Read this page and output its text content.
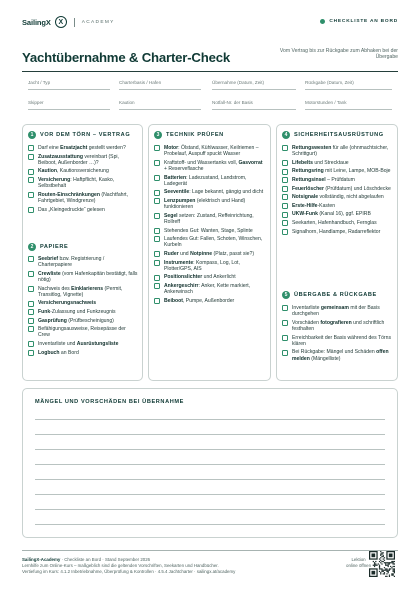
SailingX	X	ACADEMY	CHECKLISTE AN BORD
Yachtübernahme & Charter-Check	Vom Vertrag bis zur Rückgabe zum Abhaken bei der Übergabe
Jacht / Typ	Charterbasis / Hafen	Übernahme (Datum, Zeit)	Rückgabe (Datum, Zeit)
Skipper	Kaution	Notfall-Nr. der Basis	Motorstunden / Tank
1	VOR DEM TÖRN – VERTRAG
2	PAPIERE
3	TECHNIK PRÜFEN	4	SICHERHEITSAUSRÜSTUNG
5	ÜBERGABE & RÜCKGABE
Darf eine Ersatzjacht gestellt werden?
Zusatzausstattung vereinbart (Spi, Beiboot, Außenborder …)?
Kaution, Kautionsversicherung
Versicherung: Haftpflicht, Kasko, Selbstbehalt
Routen-Einschränkungen (Nachtfahrt, Fahrtgebiet, Windgrenze)
Das „Kleingedruckte“ gelesen
Seebrief bzw. Registrierung / Charterpapiere
Crewliste (vom Hafenkapitän bestätigt, falls nötig)
Nachweis des Einklarierens (Permit, Transitlog, Vignette)
Versicherungsnachweis
Funk-Zulassung und Funkzeugnis
Gasprüfung (Prüfbescheinigung)
Befähigungsausweise, Reisepässe der Crew
Inventarliste und Ausrüstungsliste
Logbuch an Bord
Motor: Ölstand, Kühlwasser, Keilriemen – Probelauf, Auspuff spuckt Wasser
Kraftstoff- und Wassertanks voll, Gasvorrat + Reserveflasche
Batterien: Ladezustand, Landstrom, Ladegerät
Seeventile: Lage bekannt, gängig und dicht
Lenzpumpen (elektrisch und Hand) funktionieren
Segel setzen: Zustand, Reffeinrichtung, Rollreff
Stehendes Gut: Wanten, Stage, Splinte
Laufendes Gut: Fallen, Schoten, Winschen, Kurbeln
Ruder und Notpinne (Platz, passt sie?)
Instrumente: Kompass, Log, Lot, Plotter/GPS, AIS
Positionslichter und Ankerlicht
Ankergeschirr: Anker, Kette markiert, Ankerwinsch
Beiboot, Pumpe, Außenborder
Rettungswesten für alle (ohnmachtsicher, Schrittgurt)
Lifebelts und Strecktaue
Rettungsring mit Leine, Lampe, MOB-Boje
Rettungsinsel – Prüfdatum
Feuerlöscher (Prüfdatum) und Löschdecke
Notsignale vollständig, nicht abgelaufen
Erste-Hilfe-Kasten
UKW-Funk (Kanal 16), ggf. EPIRB
Seekarten, Hafenhandbuch, Fernglas
Signalhorn, Handlampe, Radarreflektor
Inventarliste gemeinsam mit der Basis durchgehen
Vorschäden fotografieren und schriftlich festhalten
Erreichbarkeit der Basis während des Törns klären
Bei Rückgabe: Mängel und Schäden offen melden (Mängelliste)
MÄNGEL UND VORSCHÄDEN BEI ÜBERNAHME
SailingX-Academy · Checkliste an Bord · Stand September 2026
Lernhilfe zum Online-Kurs – maßgeblich sind die geltenden Vorschriften, Seekarten und Handbücher.
Vertiefung im Kurs: 4.1.2 Inbetriebnahme, Überprüfung & Kontrollen · 4.5.4 Jachtcharter · sailingx.at/academy
Lektion
online öffnen
